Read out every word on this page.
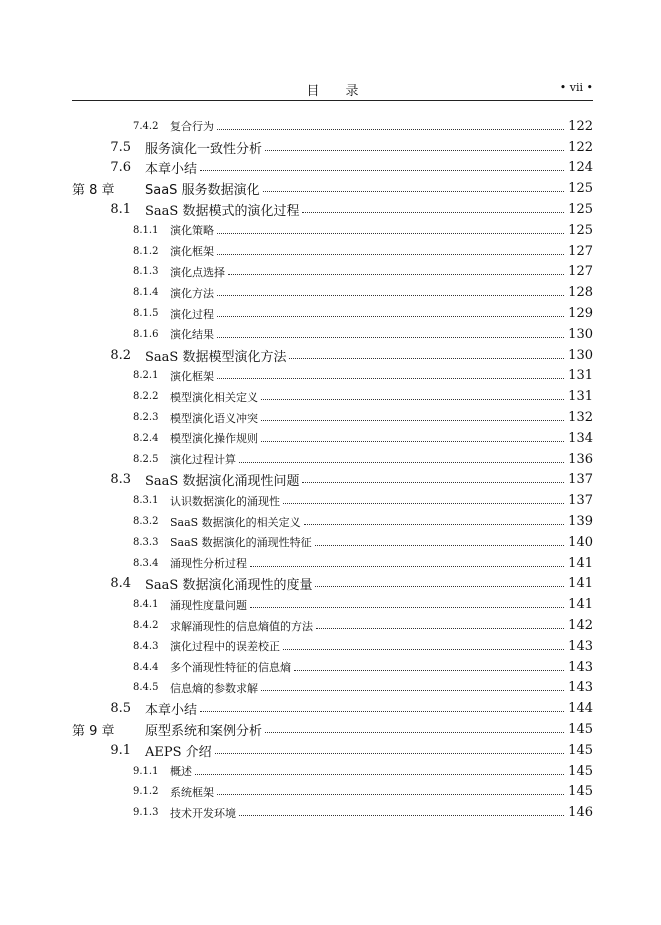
目录	• vii •
7.4.2	复合行为	122
7.5 服务演化一致性分析	122
7.6 本章小结	124
第 8 章	SaaS 服务数据演化	125
8.1 SaaS 数据模式的演化过程	125
8.1.1	演化策略	125
8.1.2	演化框架	127
8.1.3	演化点选择	127
8.1.4	演化方法	128
8.1.5	演化过程	129
8.1.6	演化结果	130
8.2 SaaS 数据模型演化方法	130
8.2.1	演化框架	131
8.2.2	模型演化相关定义	131
8.2.3	模型演化语义冲突	132
8.2.4	模型演化操作规则	134
8.2.5	演化过程计算	136
8.3 SaaS 数据演化涌现性问题	137
8.3.1	认识数据演化的涌现性	137
8.3.2	SaaS 数据演化的相关定义	139
8.3.3	SaaS 数据演化的涌现性特征	140
8.3.4	涌现性分析过程	141
8.4 SaaS 数据演化涌现性的度量	141
8.4.1	涌现性度量问题	141
8.4.2	求解涌现性的信息熵值的方法	142
8.4.3	演化过程中的误差校正	143
8.4.4	多个涌现性特征的信息熵	143
8.4.5	信息熵的参数求解	143
8.5 本章小结	144
第 9 章	原型系统和案例分析	145
9.1 AEPS 介绍	145
9.1.1	概述	145
9.1.2	系统框架	145
9.1.3	技术开发环境	146
